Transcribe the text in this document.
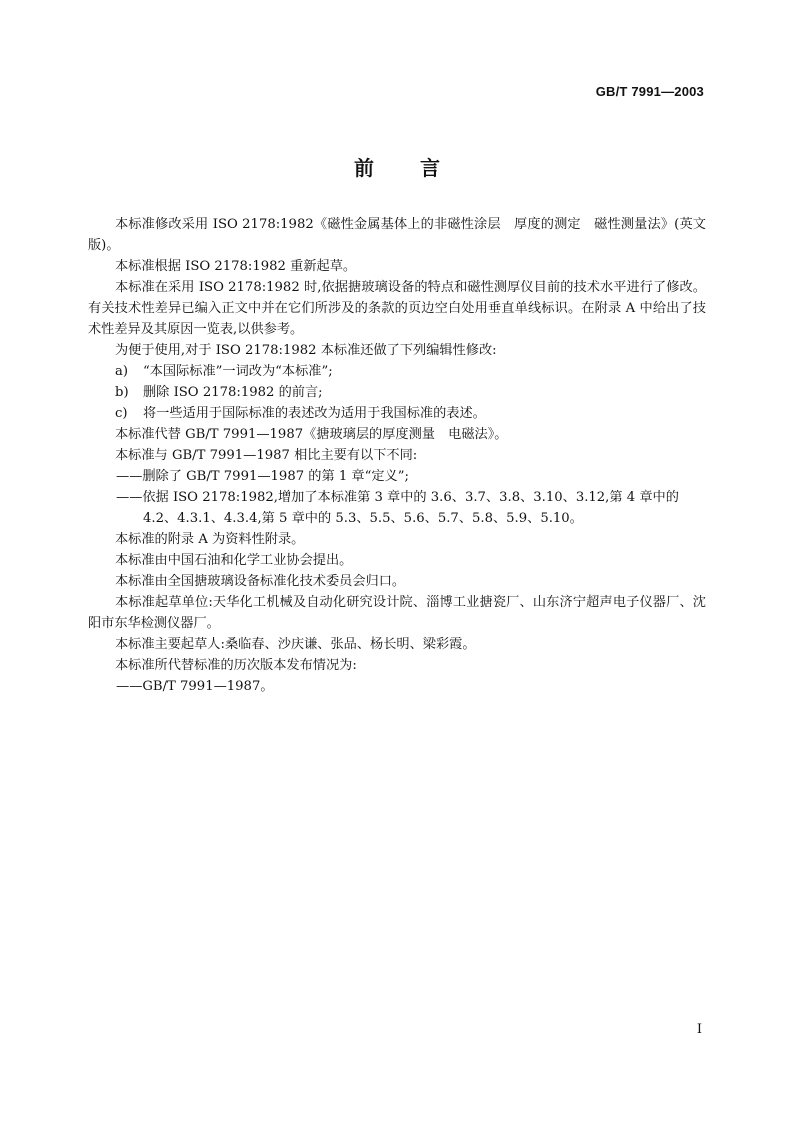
GB/T 7991—2003
前言

本标准修改采用 ISO 2178:1982《磁性金属基体上的非磁性涂层　厚度的测定　磁性测量法》(英文版)。

本标准根据 ISO 2178:1982 重新起草。

本标准在采用 ISO 2178:1982 时,依据搪玻璃设备的特点和磁性测厚仪目前的技术水平进行了修改。有关技术性差异已编入正文中并在它们所涉及的条款的页边空白处用垂直单线标识。在附录 A 中给出了技术性差异及其原因一览表,以供参考。

为便于使用,对于 ISO 2178:1982 本标准还做了下列编辑性修改:

a) “本国际标准”一词改为“本标准”;

b) 删除 ISO 2178:1982 的前言;

c) 将一些适用于国际标准的表述改为适用于我国标准的表述。

本标准代替 GB/T 7991—1987《搪玻璃层的厚度测量　电磁法》。

本标准与 GB/T 7991—1987 相比主要有以下不同:

——删除了 GB/T 7991—1987 的第 1 章“定义”;

——依据 ISO 2178:1982,增加了本标准第 3 章中的 3.6、3.7、3.8、3.10、3.12,第 4 章中的 4.2、4.3.1、4.3.4,第 5 章中的 5.3、5.5、5.6、5.7、5.8、5.9、5.10。

本标准的附录 A 为资料性附录。

本标准由中国石油和化学工业协会提出。

本标准由全国搪玻璃设备标准化技术委员会归口。

本标准起草单位:天华化工机械及自动化研究设计院、淄博工业搪瓷厂、山东济宁超声电子仪器厂、沈阳市东华检测仪器厂。

本标准主要起草人:桑临春、沙庆谦、张品、杨长明、梁彩霞。

本标准所代替标准的历次版本发布情况为:

——GB/T 7991—1987。

I
